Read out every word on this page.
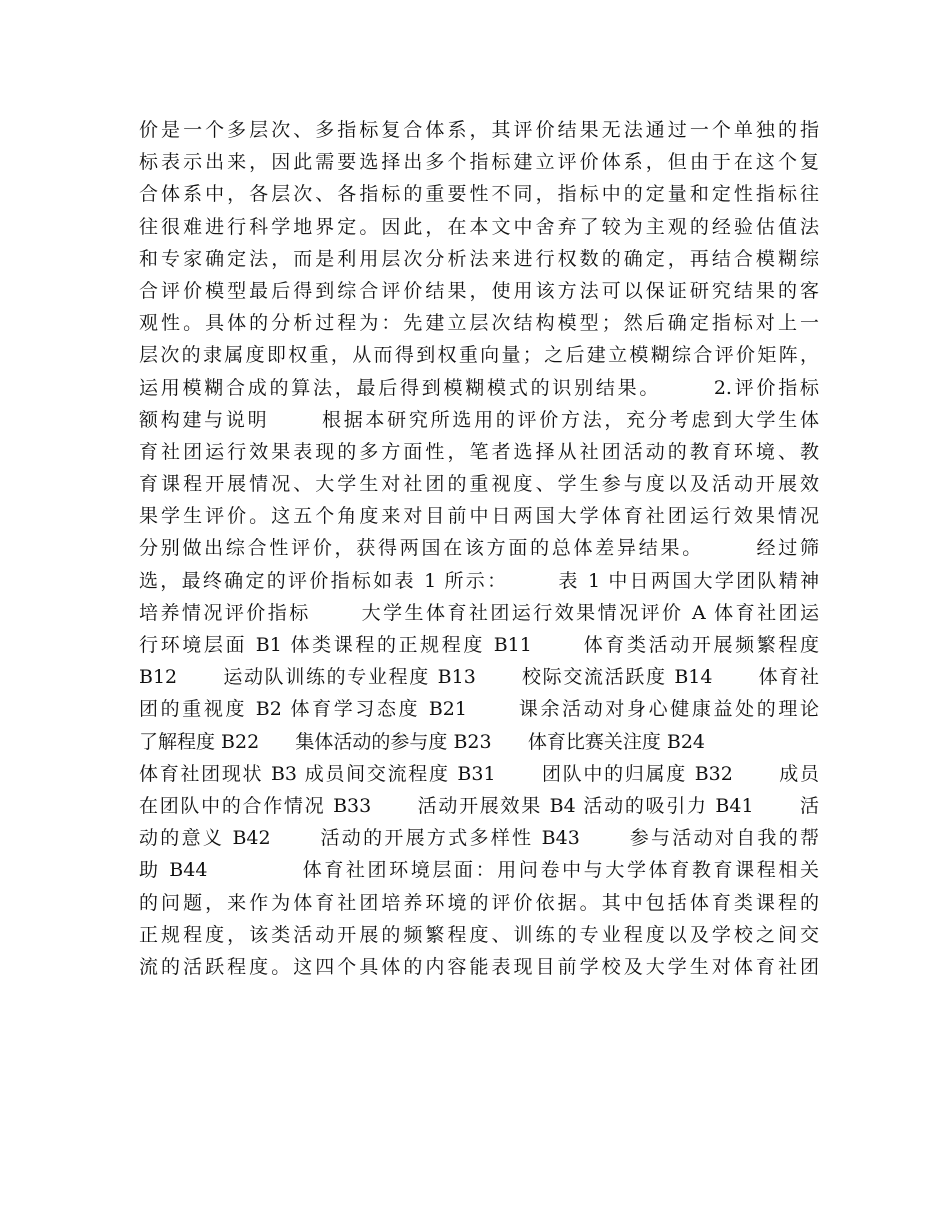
价是一个多层次、多指标复合体系，其评价结果无法通过一个单独的指
标表示出来，因此需要选择出多个指标建立评价体系，但由于在这个复
合体系中，各层次、各指标的重要性不同，指标中的定量和定性指标往
往很难进行科学地界定。因此，在本文中舍弃了较为主观的经验估值法
和专家确定法，而是利用层次分析法来进行权数的确定，再结合模糊综
合评价模型最后得到综合评价结果，使用该方法可以保证研究结果的客
观性。具体的分析过程为：先建立层次结构模型；然后确定指标对上一
层次的隶属度即权重，从而得到权重向量；之后建立模糊综合评价矩阵，
运用模糊合成的算法，最后得到模糊模式的识别结果。      2.评价指标
额构建与说明      根据本研究所选用的评价方法，充分考虑到大学生体
育社团运行效果表现的多方面性，笔者选择从社团活动的教育环境、教
育课程开展情况、大学生对社团的重视度、学生参与度以及活动开展效
果学生评价。这五个角度来对目前中日两国大学体育社团运行效果情况
分别做出综合性评价，获得两国在该方面的总体差异结果。      经过筛
选，最终确定的评价指标如表 1 所示：      表 1 中日两国大学团队精神
培养情况评价指标      大学生体育社团运行效果情况评价 A 体育社团运
行环境层面 B1 体类课程的正规程度 B11      体育类活动开展频繁程度
B12      运动队训练的专业程度 B13      校际交流活跃度 B14      体育社
团的重视度 B2 体育学习态度 B21      课余活动对身心健康益处的理论
了解程度 B22      集体活动的参与度 B23      体育比赛关注度 B24
体育社团现状 B3 成员间交流程度 B31      团队中的归属度 B32      成员
在团队中的合作情况 B33      活动开展效果 B4 活动的吸引力 B41      活
动的意义 B42      活动的开展方式多样性 B43      参与活动对自我的帮
助 B44           体育社团环境层面：用问卷中与大学体育教育课程相关
的问题，来作为体育社团培养环境的评价依据。其中包括体育类课程的
正规程度，该类活动开展的频繁程度、训练的专业程度以及学校之间交
流的活跃程度。这四个具体的内容能表现目前学校及大学生对体育社团
